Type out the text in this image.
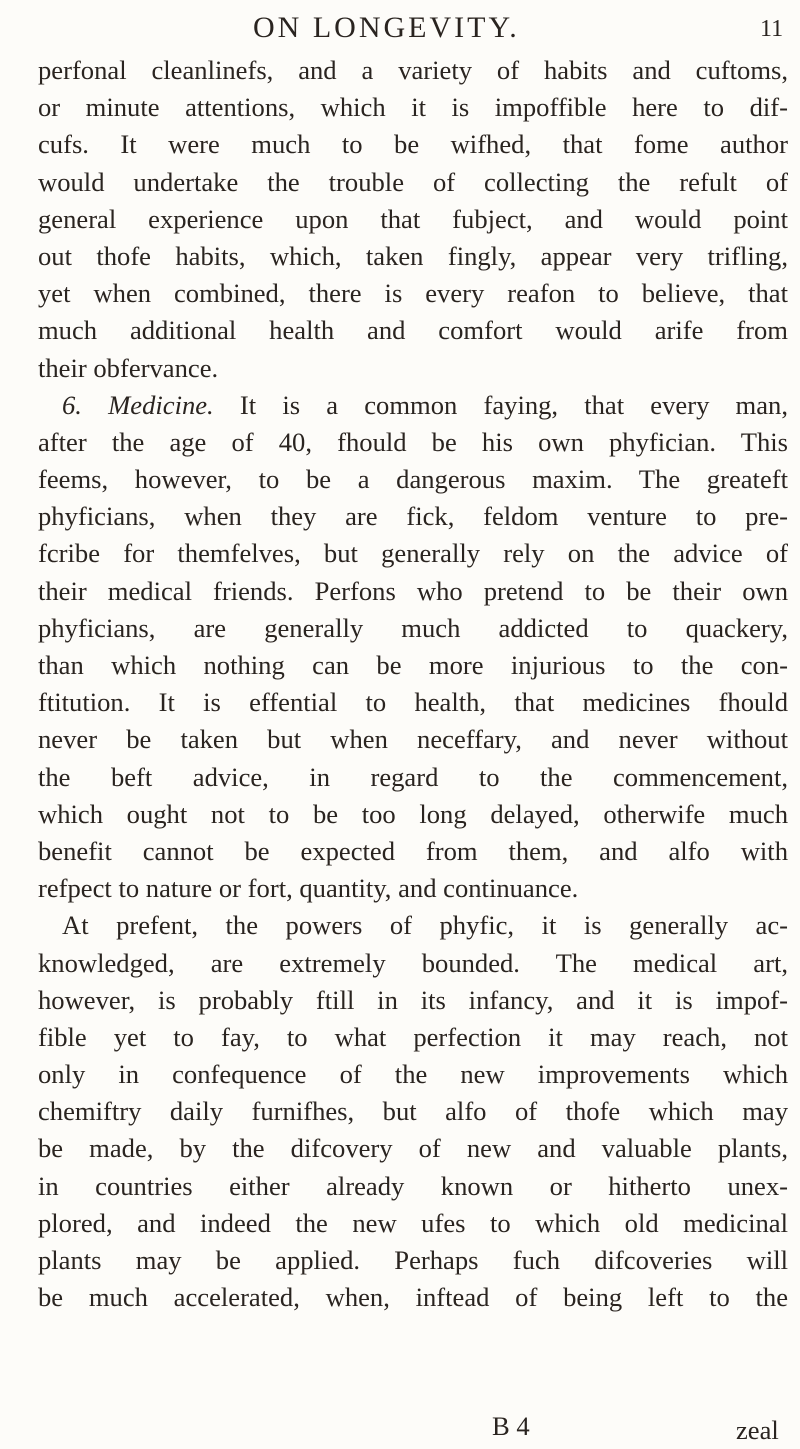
ON LONGEVITY.	11
perfonal cleanlinefs, and a variety of habits and cuftoms,
or minute attentions, which it is impoffible here to dif-
cufs. It were much to be wifhed, that fome author
would undertake the trouble of collecting the refult of
general experience upon that fubject, and would point
out thofe habits, which, taken fingly, appear very trifling,
yet when combined, there is every reafon to believe, that
much additional health and comfort would arife from
their obfervance.
6. Medicine. It is a common faying, that every man,
after the age of 40, fhould be his own phyfician. This
feems, however, to be a dangerous maxim. The greateft
phyficians, when they are fick, feldom venture to pre-
fcribe for themfelves, but generally rely on the advice of
their medical friends. Perfons who pretend to be their own
phyficians, are generally much addicted to quackery,
than which nothing can be more injurious to the con-
ftitution. It is effential to health, that medicines fhould
never be taken but when neceffary, and never without
the beft advice, in regard to the commencement,
which ought not to be too long delayed, otherwife much
benefit cannot be expected from them, and alfo with
refpect to nature or fort, quantity, and continuance.
At prefent, the powers of phyfic, it is generally ac-
knowledged, are extremely bounded. The medical art,
however, is probably ftill in its infancy, and it is impof-
fible yet to fay, to what perfection it may reach, not
only in confequence of the new improvements which
chemiftry daily furnifhes, but alfo of thofe which may
be made, by the difcovery of new and valuable plants,
in countries either already known or hitherto unex-
plored, and indeed the new ufes to which old medicinal
plants may be applied. Perhaps fuch difcoveries will
be much accelerated, when, inftead of being left to the
B 4	zeal
